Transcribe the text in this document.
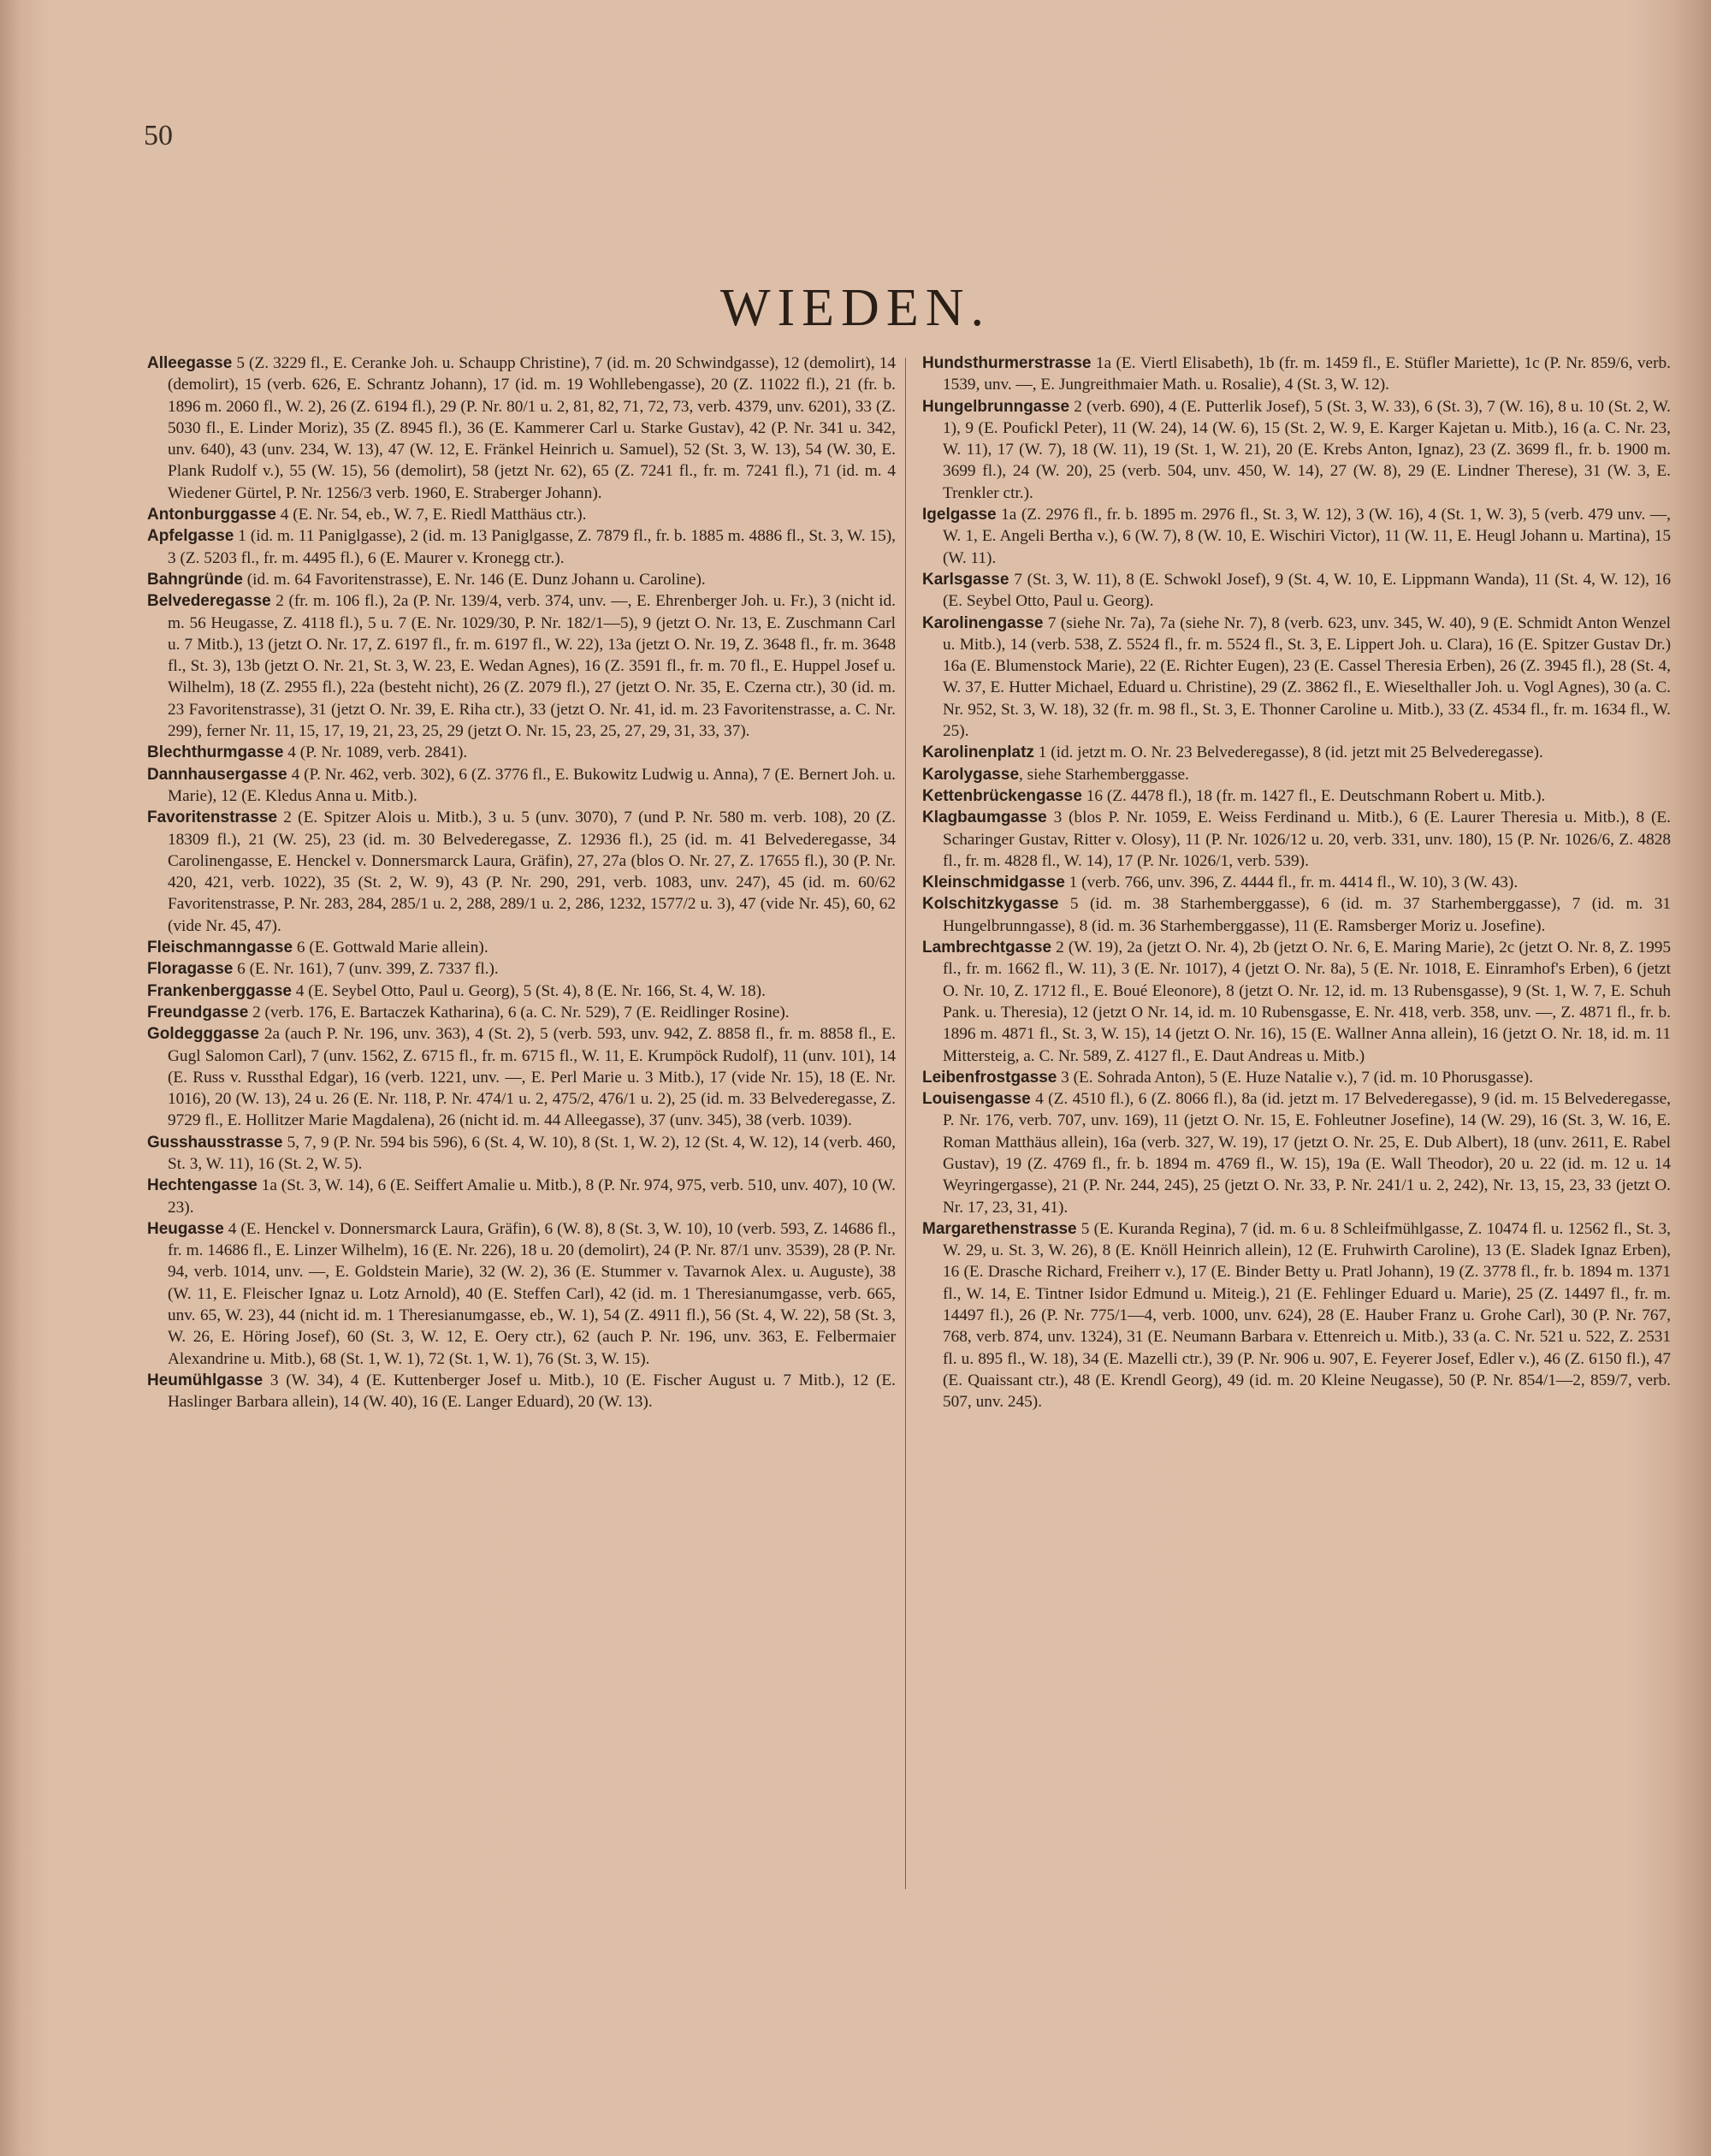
50
WIEDEN.
Alleegasse 5 (Z. 3229 fl., E. Ceranke Joh. u. Schaupp Christine), 7 (id. m. 20 Schwindgasse), 12 (demolirt), 14 (demolirt), 15 (verb. 626, E. Schrantz Johann), 17 (id. m. 19 Wohllebengasse), 20 (Z. 11022 fl.), 21 (fr. b. 1896 m. 2060 fl., W. 2), 26 (Z. 6194 fl.), 29 (P. Nr. 80/1 u. 2, 81, 82, 71, 72, 73, verb. 4379, unv. 6201), 33 (Z. 5030 fl., E. Linder Moriz), 35 (Z. 8945 fl.), 36 (E. Kammerer Carl u. Starke Gustav), 42 (P. Nr. 341 u. 342, unv. 640), 43 (unv. 234, W. 13), 47 (W. 12, E. Fränkel Heinrich u. Samuel), 52 (St. 3, W. 13), 54 (W. 30, E. Plank Rudolf v.), 55 (W. 15), 56 (demolirt), 58 (jetzt Nr. 62), 65 (Z. 7241 fl., fr. m. 7241 fl.), 71 (id. m. 4 Wiedener Gürtel, P. Nr. 1256/3 verb. 1960, E. Straberger Johann).
Antonburggasse 4 (E. Nr. 54, eb., W. 7, E. Riedl Matthäus ctr.).
Apfelgasse 1 (id. m. 11 Paniglgasse), 2 (id. m. 13 Paniglgasse, Z. 7879 fl., fr. b. 1885 m. 4886 fl., St. 3, W. 15), 3 (Z. 5203 fl., fr. m. 4495 fl.), 6 (E. Maurer v. Kronegg ctr.).
Bahngründe (id. m. 64 Favoritenstrasse), E. Nr. 146 (E. Dunz Johann u. Caroline).
Belvederegasse 2 (fr. m. 106 fl.), 2a (P. Nr. 139/4, verb. 374, unv. —, E. Ehrenberger Joh. u. Fr.), 3 (nicht id. m. 56 Heugasse, Z. 4118 fl.), 5 u. 7 (E. Nr. 1029/30, P. Nr. 182/1—5), 9 (jetzt O. Nr. 13, E. Zuschmann Carl u. 7 Mitb.), 13 (jetzt O. Nr. 17, Z. 6197 fl., fr. m. 6197 fl., W. 22), 13a (jetzt O. Nr. 19, Z. 3648 fl., fr. m. 3648 fl., St. 3), 13b (jetzt O. Nr. 21, St. 3, W. 23, E. Wedan Agnes), 16 (Z. 3591 fl., fr. m. 70 fl., E. Huppel Josef u. Wilhelm), 18 (Z. 2955 fl.), 22a (besteht nicht), 26 (Z. 2079 fl.), 27 (jetzt O. Nr. 35, E. Czerna ctr.), 30 (id. m. 23 Favoritenstrasse), 31 (jetzt O. Nr. 39, E. Riha ctr.), 33 (jetzt O. Nr. 41, id. m. 23 Favoritenstrasse, a. C. Nr. 299), ferner Nr. 11, 15, 17, 19, 21, 23, 25, 29 (jetzt O. Nr. 15, 23, 25, 27, 29, 31, 33, 37).
Blechthurmgasse 4 (P. Nr. 1089, verb. 2841).
Dannhausergasse 4 (P. Nr. 462, verb. 302), 6 (Z. 3776 fl., E. Bukowitz Ludwig u. Anna), 7 (E. Bernert Joh. u. Marie), 12 (E. Kledus Anna u. Mitb.).
Favoritenstrasse 2 (E. Spitzer Alois u. Mitb.), 3 u. 5 (unv. 3070), 7 (und P. Nr. 580 m. verb. 108), 20 (Z. 18309 fl.), 21 (W. 25), 23 (id. m. 30 Belvederegasse, Z. 12936 fl.), 25 (id. m. 41 Belvederegasse, 34 Carolinengasse, E. Henckel v. Donnersmarck Laura, Gräfin), 27, 27a (blos O. Nr. 27, Z. 17655 fl.), 30 (P. Nr. 420, 421, verb. 1022), 35 (St. 2, W. 9), 43 (P. Nr. 290, 291, verb. 1083, unv. 247), 45 (id. m. 60/62 Favoritenstrasse, P. Nr. 283, 284, 285/1 u. 2, 288, 289/1 u. 2, 286, 1232, 1577/2 u. 3), 47 (vide Nr. 45), 60, 62 (vide Nr. 45, 47).
Fleischmanngasse 6 (E. Gottwald Marie allein).
Floragasse 6 (E. Nr. 161), 7 (unv. 399, Z. 7337 fl.).
Frankenberggasse 4 (E. Seybel Otto, Paul u. Georg), 5 (St. 4), 8 (E. Nr. 166, St. 4, W. 18).
Freundgasse 2 (verb. 176, E. Bartaczek Katharina), 6 (a. C. Nr. 529), 7 (E. Reidlinger Rosine).
Goldegggasse 2a (auch P. Nr. 196, unv. 363), 4 (St. 2), 5 (verb. 593, unv. 942, Z. 8858 fl., fr. m. 8858 fl., E. Gugl Salomon Carl), 7 (unv. 1562, Z. 6715 fl., fr. m. 6715 fl., W. 11, E. Krumpöck Rudolf), 11 (unv. 101), 14 (E. Russ v. Russthal Edgar), 16 (verb. 1221, unv. —, E. Perl Marie u. 3 Mitb.), 17 (vide Nr. 15), 18 (E. Nr. 1016), 20 (W. 13), 24 u. 26 (E. Nr. 118, P. Nr. 474/1 u. 2, 475/2, 476/1 u. 2), 25 (id. m. 33 Belvederegasse, Z. 9729 fl., E. Hollitzer Marie Magdalena), 26 (nicht id. m. 44 Alleegasse), 37 (unv. 345), 38 (verb. 1039).
Gusshausstrasse 5, 7, 9 (P. Nr. 594 bis 596), 6 (St. 4, W. 10), 8 (St. 1, W. 2), 12 (St. 4, W. 12), 14 (verb. 460, St. 3, W. 11), 16 (St. 2, W. 5).
Hechtengasse 1a (St. 3, W. 14), 6 (E. Seiffert Amalie u. Mitb.), 8 (P. Nr. 974, 975, verb. 510, unv. 407), 10 (W. 23).
Heugasse 4 (E. Henckel v. Donnersmarck Laura, Gräfin), 6 (W. 8), 8 (St. 3, W. 10), 10 (verb. 593, Z. 14686 fl., fr. m. 14686 fl., E. Linzer Wilhelm), 16 (E. Nr. 226), 18 u. 20 (demolirt), 24 (P. Nr. 87/1 unv. 3539), 28 (P. Nr. 94, verb. 1014, unv. —, E. Goldstein Marie), 32 (W. 2), 36 (E. Stummer v. Tavarnok Alex. u. Auguste), 38 (W. 11, E. Fleischer Ignaz u. Lotz Arnold), 40 (E. Steffen Carl), 42 (id. m. 1 Theresianumgasse, verb. 665, unv. 65, W. 23), 44 (nicht id. m. 1 Theresianumgasse, eb., W. 1), 54 (Z. 4911 fl.), 56 (St. 4, W. 22), 58 (St. 3, W. 26, E. Höring Josef), 60 (St. 3, W. 12, E. Oery ctr.), 62 (auch P. Nr. 196, unv. 363, E. Felbermaier Alexandrine u. Mitb.), 68 (St. 1, W. 1), 72 (St. 1, W. 1), 76 (St. 3, W. 15).
Heumühlgasse 3 (W. 34), 4 (E. Kuttenberger Josef u. Mitb.), 10 (E. Fischer August u. 7 Mitb.), 12 (E. Haslinger Barbara allein), 14 (W. 40), 16 (E. Langer Eduard), 20 (W. 13).
Hundsthurmerstrasse 1a (E. Viertl Elisabeth), 1b (fr. m. 1459 fl., E. Stüfler Mariette), 1c (P. Nr. 859/6, verb. 1539, unv. —, E. Jungreithmaier Math. u. Rosalie), 4 (St. 3, W. 12).
Hungelbrunngasse 2 (verb. 690), 4 (E. Putterlik Josef), 5 (St. 3, W. 33), 6 (St. 3), 7 (W. 16), 8 u. 10 (St. 2, W. 1), 9 (E. Poufickl Peter), 11 (W. 24), 14 (W. 6), 15 (St. 2, W. 9, E. Karger Kajetan u. Mitb.), 16 (a. C. Nr. 23, W. 11), 17 (W. 7), 18 (W. 11), 19 (St. 1, W. 21), 20 (E. Krebs Anton, Ignaz), 23 (Z. 3699 fl., fr. b. 1900 m. 3699 fl.), 24 (W. 20), 25 (verb. 504, unv. 450, W. 14), 27 (W. 8), 29 (E. Lindner Therese), 31 (W. 3, E. Trenkler ctr.).
Igelgasse 1a (Z. 2976 fl., fr. b. 1895 m. 2976 fl., St. 3, W. 12), 3 (W. 16), 4 (St. 1, W. 3), 5 (verb. 479 unv. —, W. 1, E. Angeli Bertha v.), 6 (W. 7), 8 (W. 10, E. Wischiri Victor), 11 (W. 11, E. Heugl Johann u. Martina), 15 (W. 11).
Karlsgasse 7 (St. 3, W. 11), 8 (E. Schwokl Josef), 9 (St. 4, W. 10, E. Lippmann Wanda), 11 (St. 4, W. 12), 16 (E. Seybel Otto, Paul u. Georg).
Karolinengasse 7 (siehe Nr. 7a), 7a (siehe Nr. 7), 8 (verb. 623, unv. 345, W. 40), 9 (E. Schmidt Anton Wenzel u. Mitb.), 14 (verb. 538, Z. 5524 fl., fr. m. 5524 fl., St. 3, E. Lippert Joh. u. Clara), 16 (E. Spitzer Gustav Dr.) 16a (E. Blumenstock Marie), 22 (E. Richter Eugen), 23 (E. Cassel Theresia Erben), 26 (Z. 3945 fl.), 28 (St. 4, W. 37, E. Hutter Michael, Eduard u. Christine), 29 (Z. 3862 fl., E. Wieselthaller Joh. u. Vogl Agnes), 30 (a. C. Nr. 952, St. 3, W. 18), 32 (fr. m. 98 fl., St. 3, E. Thonner Caroline u. Mitb.), 33 (Z. 4534 fl., fr. m. 1634 fl., W. 25).
Karolinenplatz 1 (id. jetzt m. O. Nr. 23 Belvederegasse), 8 (id. jetzt mit 25 Belvederegasse).
Karolygasse, siehe Starhemberggasse.
Kettenbrückengasse 16 (Z. 4478 fl.), 18 (fr. m. 1427 fl., E. Deutschmann Robert u. Mitb.).
Klagbaumgasse 3 (blos P. Nr. 1059, E. Weiss Ferdinand u. Mitb.), 6 (E. Laurer Theresia u. Mitb.), 8 (E. Scharinger Gustav, Ritter v. Olosy), 11 (P. Nr. 1026/12 u. 20, verb. 331, unv. 180), 15 (P. Nr. 1026/6, Z. 4828 fl., fr. m. 4828 fl., W. 14), 17 (P. Nr. 1026/1, verb. 539).
Kleinschmidgasse 1 (verb. 766, unv. 396, Z. 4444 fl., fr. m. 4414 fl., W. 10), 3 (W. 43).
Kolschitzkygasse 5 (id. m. 38 Starhemberggasse), 6 (id. m. 37 Starhemberggasse), 7 (id. m. 31 Hungelbrunngasse), 8 (id. m. 36 Starhemberggasse), 11 (E. Ramsberger Moriz u. Josefine).
Lambrechtgasse 2 (W. 19), 2a (jetzt O. Nr. 4), 2b (jetzt O. Nr. 6, E. Maring Marie), 2c (jetzt O. Nr. 8, Z. 1995 fl., fr. m. 1662 fl., W. 11), 3 (E. Nr. 1017), 4 (jetzt O. Nr. 8a), 5 (E. Nr. 1018, E. Einramhof's Erben), 6 (jetzt O. Nr. 10, Z. 1712 fl., E. Boué Eleonore), 8 (jetzt O. Nr. 12, id. m. 13 Rubensgasse), 9 (St. 1, W. 7, E. Schuh Pank. u. Theresia), 12 (jetzt O Nr. 14, id. m. 10 Rubensgasse, E. Nr. 418, verb. 358, unv. —, Z. 4871 fl., fr. b. 1896 m. 4871 fl., St. 3, W. 15), 14 (jetzt O. Nr. 16), 15 (E. Wallner Anna allein), 16 (jetzt O. Nr. 18, id. m. 11 Mittersteig, a. C. Nr. 589, Z. 4127 fl., E. Daut Andreas u. Mitb.)
Leibenfrostgasse 3 (E. Sohrada Anton), 5 (E. Huze Natalie v.), 7 (id. m. 10 Phorusgasse).
Louisengasse 4 (Z. 4510 fl.), 6 (Z. 8066 fl.), 8a (id. jetzt m. 17 Belvederegasse), 9 (id. m. 15 Belvederegasse, P. Nr. 176, verb. 707, unv. 169), 11 (jetzt O. Nr. 15, E. Fohleutner Josefine), 14 (W. 29), 16 (St. 3, W. 16, E. Roman Matthäus allein), 16a (verb. 327, W. 19), 17 (jetzt O. Nr. 25, E. Dub Albert), 18 (unv. 2611, E. Rabel Gustav), 19 (Z. 4769 fl., fr. b. 1894 m. 4769 fl., W. 15), 19a (E. Wall Theodor), 20 u. 22 (id. m. 12 u. 14 Weyringergasse), 21 (P. Nr. 244, 245), 25 (jetzt O. Nr. 33, P. Nr. 241/1 u. 2, 242), Nr. 13, 15, 23, 33 (jetzt O. Nr. 17, 23, 31, 41).
Margarethenstrasse 5 (E. Kuranda Regina), 7 (id. m. 6 u. 8 Schleifmühlgasse, Z. 10474 fl. u. 12562 fl., St. 3, W. 29, u. St. 3, W. 26), 8 (E. Knöll Heinrich allein), 12 (E. Fruhwirth Caroline), 13 (E. Sladek Ignaz Erben), 16 (E. Drasche Richard, Freiherr v.), 17 (E. Binder Betty u. Pratl Johann), 19 (Z. 3778 fl., fr. b. 1894 m. 1371 fl., W. 14, E. Tintner Isidor Edmund u. Miteig.), 21 (E. Fehlinger Eduard u. Marie), 25 (Z. 14497 fl., fr. m. 14497 fl.), 26 (P. Nr. 775/1—4, verb. 1000, unv. 624), 28 (E. Hauber Franz u. Grohe Carl), 30 (P. Nr. 767, 768, verb. 874, unv. 1324), 31 (E. Neumann Barbara v. Ettenreich u. Mitb.), 33 (a. C. Nr. 521 u. 522, Z. 2531 fl. u. 895 fl., W. 18), 34 (E. Mazelli ctr.), 39 (P. Nr. 906 u. 907, E. Feyerer Josef, Edler v.), 46 (Z. 6150 fl.), 47 (E. Quaissant ctr.), 48 (E. Krendl Georg), 49 (id. m. 20 Kleine Neugasse), 50 (P. Nr. 854/1—2, 859/7, verb. 507, unv. 245).
